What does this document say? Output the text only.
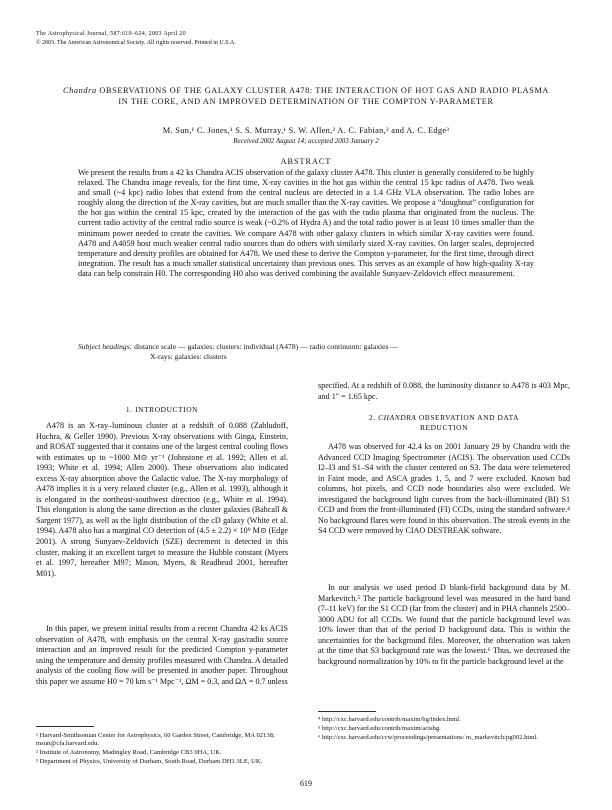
The Astrophysical Journal, 587:619–624, 2003 April 20
© 2003. The American Astronomical Society. All rights reserved. Printed in U.S.A.
Chandra OBSERVATIONS OF THE GALAXY CLUSTER A478: THE INTERACTION OF HOT GAS AND RADIO PLASMA IN THE CORE, AND AN IMPROVED DETERMINATION OF THE COMPTON Y-PARAMETER
M. Sun,¹ C. Jones,¹ S. S. Murray,¹ S. W. Allen,² A. C. Fabian,² and A. C. Edge³
Received 2002 August 14; accepted 2003 January 2
ABSTRACT
We present the results from a 42 ks Chandra ACIS observation of the galaxy cluster A478. This cluster is generally considered to be highly relaxed. The Chandra image reveals, for the first time, X-ray cavities in the hot gas within the central 15 kpc radius of A478. Two weak and small (~4 kpc) radio lobes that extend from the central nucleus are detected in a 1.4 GHz VLA observation. The radio lobes are roughly along the direction of the X-ray cavities, but are much smaller than the X-ray cavities. We propose a “doughnut” configuration for the hot gas within the central 15 kpc, created by the interaction of the gas with the radio plasma that originated from the nucleus. The current radio activity of the central radio source is weak (~0.2% of Hydra A) and the total radio power is at least 10 times smaller than the minimum power needed to create the cavities. We compare A478 with other galaxy clusters in which similar X-ray cavities were found. A478 and A4059 host much weaker central radio sources than do others with similarly sized X-ray cavities. On larger scales, deprojected temperature and density profiles are obtained for A478. We used these to derive the Compton y-parameter, for the first time, through direct integration. The result has a much smaller statistical uncertainty than previous ones. This serves as an example of how high-quality X-ray data can help constrain H0. The corresponding H0 also was derived combining the available Sunyaev-Zeldovich effect measurement.
Subject headings: distance scale — galaxies: clusters: individual (A478) — radio continuum: galaxies —
X-rays: galaxies: clusters
1. INTRODUCTION
A478 is an X-ray–luminous cluster at a redshift of 0.088 (Zabludoff, Huchra, & Geller 1990). Previous X-ray observations with Ginga, Einstein, and ROSAT suggested that it contains one of the largest central cooling flows with estimates up to ~1000 M⊙ yr⁻¹ (Johnstone et al. 1992; Allen et al. 1993; White et al. 1994; Allen 2000). These observations also indicated excess X-ray absorption above the Galactic value. The X-ray morphology of A478 implies it is a very relaxed cluster (e.g., Allen et al. 1993), although it is elongated in the northeast-southwest direction (e.g., White et al. 1994). This elongation is along the same direction as the cluster galaxies (Bahcall & Sargent 1977), as well as the light distribution of the cD galaxy (White et al. 1994). A478 also has a marginal CO detection of (4.5 ± 2.2) × 10⁹ M⊙ (Edge 2001). A strong Sunyaev-Zeldovich (SZE) decrement is detected in this cluster, making it an excellent target to measure the Hubble constant (Myers et al. 1997, hereafter M97; Mason, Myers, & Readhead 2001, hereafter M01).
In this paper, we present initial results from a recent Chandra 42 ks ACIS observation of A478, with emphasis on the central X-ray gas/radio source interaction and an improved result for the predicted Compton y-parameter using the temperature and density profiles measured with Chandra. A detailed analysis of the cooling flow will be presented in another paper. Throughout this paper we assume H0 = 70 km s⁻¹ Mpc⁻¹, ΩM = 0.3, and ΩΛ = 0.7 unless
¹ Harvard-Smithsonian Center for Astrophysics, 60 Garden Street, Cambridge, MA 02138; msun@cfa.harvard.edu.
² Institute of Astronomy, Madingley Road, Cambridge CB3 0HA, UK.
³ Department of Physics, University of Durham, South Road, Durham DH1 3LE, UK.
specified. At a redshift of 0.088, the luminosity distance to A478 is 403 Mpc, and 1″ = 1.65 kpc.
2. CHANDRA OBSERVATION AND DATA
REDUCTION
A478 was observed for 42.4 ks on 2001 January 29 by Chandra with the Advanced CCD Imaging Spectrometer (ACIS). The observation used CCDs I2–I3 and S1–S4 with the cluster centered on S3. The data were telemetered in Faint mode, and ASCA grades 1, 5, and 7 were excluded. Known bad columns, hot pixels, and CCD node boundaries also were excluded. We investigated the background light curves from the back-illuminated (BI) S1 CCD and from the front-illuminated (FI) CCDs, using the standard software.⁴ No background flares were found in this observation. The streak events in the S4 CCD were removed by CIAO DESTREAK software.
In our analysis we used period D blank-field background data by M. Markevitch.⁵ The particle background level was measured in the hard band (7–11 keV) for the S1 CCD (far from the cluster) and in PHA channels 2500–3000 ADU for all CCDs. We found that the particle background level was 10% lower than that of the period D background data. This is within the uncertainties for the background files. Moreover, the observation was taken at the time that S3 background rate was the lowest.⁶ Thus, we decreased the background normalization by 10% to fit the particle background level at the
⁴ http://cxc.harvard.edu/contrib/maxim/bg/index.html.
⁵ http://cxc.harvard.edu/contrib/maxim/acisbg.
⁶ http://cxc.harvard.edu/ccw/proceedings/presentations/ m_markevitch/pg002.html.
619
